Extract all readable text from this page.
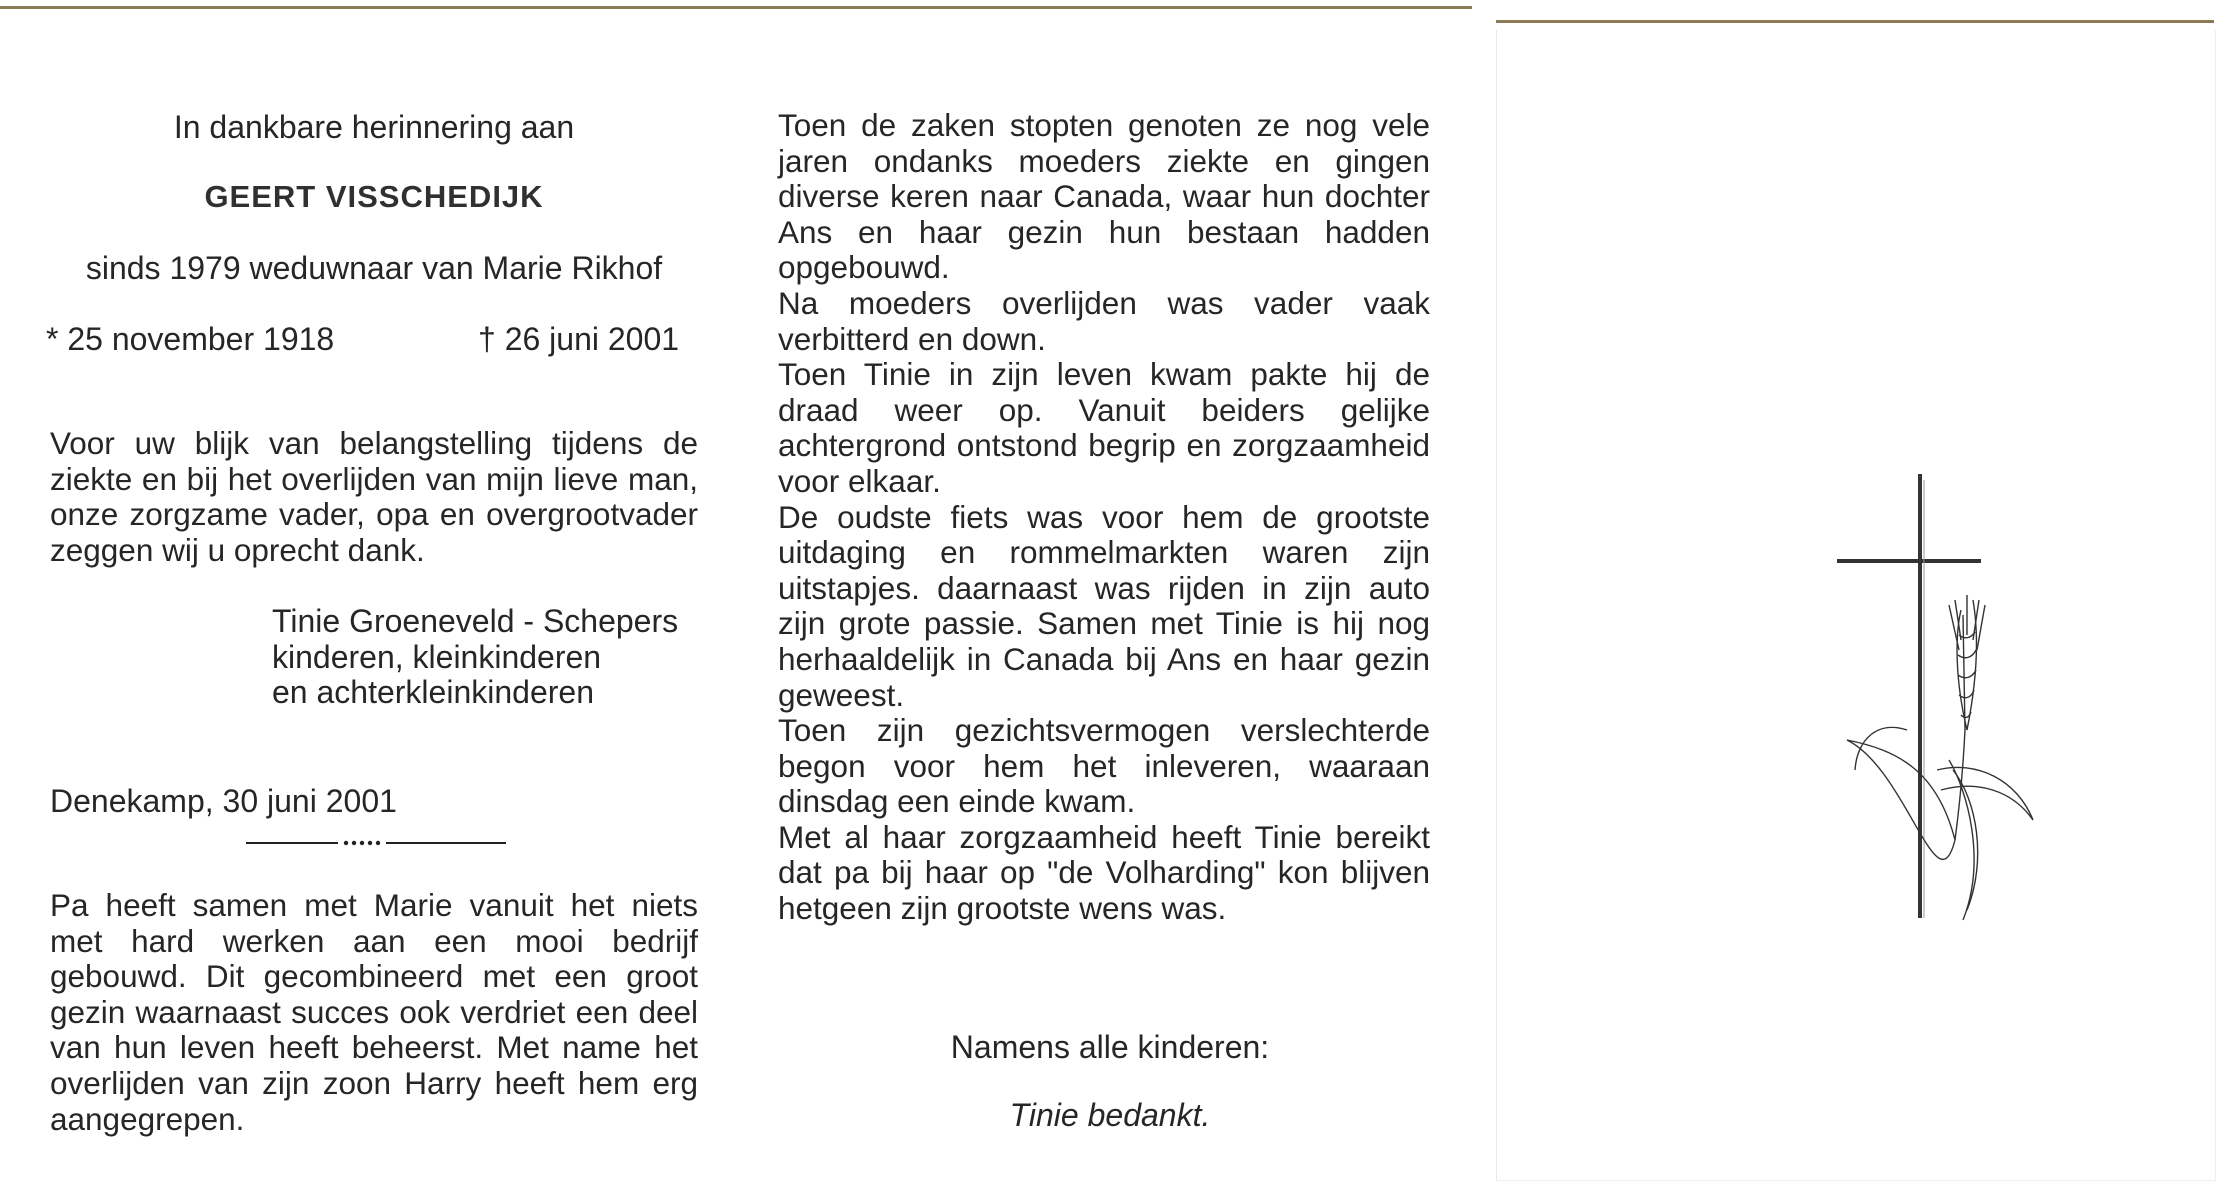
In dankbare herinnering aan
GEERT VISSCHEDIJK
sinds 1979 weduwnaar van Marie Rikhof
* 25 november 1918	† 26 juni 2001

Voor uw blijk van belangstelling tijdens de ziekte en bij het overlijden van mijn lieve man, onze zorgzame vader, opa en overgrootvader zeggen wij u oprecht dank.

Tinie Groeneveld - Schepers
kinderen, kleinkinderen
en achterkleinkinderen
Denekamp, 30 juni 2001

Pa heeft samen met Marie vanuit het niets met hard werken aan een mooi bedrijf gebouwd. Dit gecombineerd met een groot gezin waarnaast succes ook verdriet een deel van hun leven heeft beheerst. Met name het overlijden van zijn zoon Harry heeft hem erg aangegrepen.

Toen de zaken stopten genoten ze nog vele jaren ondanks moeders ziekte en gingen diverse keren naar Canada, waar hun dochter Ans en haar gezin hun bestaan hadden opgebouwd.

Na moeders overlijden was vader vaak verbitterd en down.

Toen Tinie in zijn leven kwam pakte hij de draad weer op. Vanuit beiders gelijke achtergrond ontstond begrip en zorgzaamheid voor elkaar.

De oudste fiets was voor hem de grootste uitdaging en rommelmarkten waren zijn uitstapjes. daarnaast was rijden in zijn auto zijn grote passie. Samen met Tinie is hij nog herhaaldelijk in Canada bij Ans en haar gezin geweest.

Toen zijn gezichtsvermogen verslechterde begon voor hem het inleveren, waaraan dinsdag een einde kwam.

Met al haar zorgzaamheid heeft Tinie bereikt dat pa bij haar op "de Volharding" kon blijven hetgeen zijn grootste wens was.

Namens alle kinderen:
Tinie bedankt.
